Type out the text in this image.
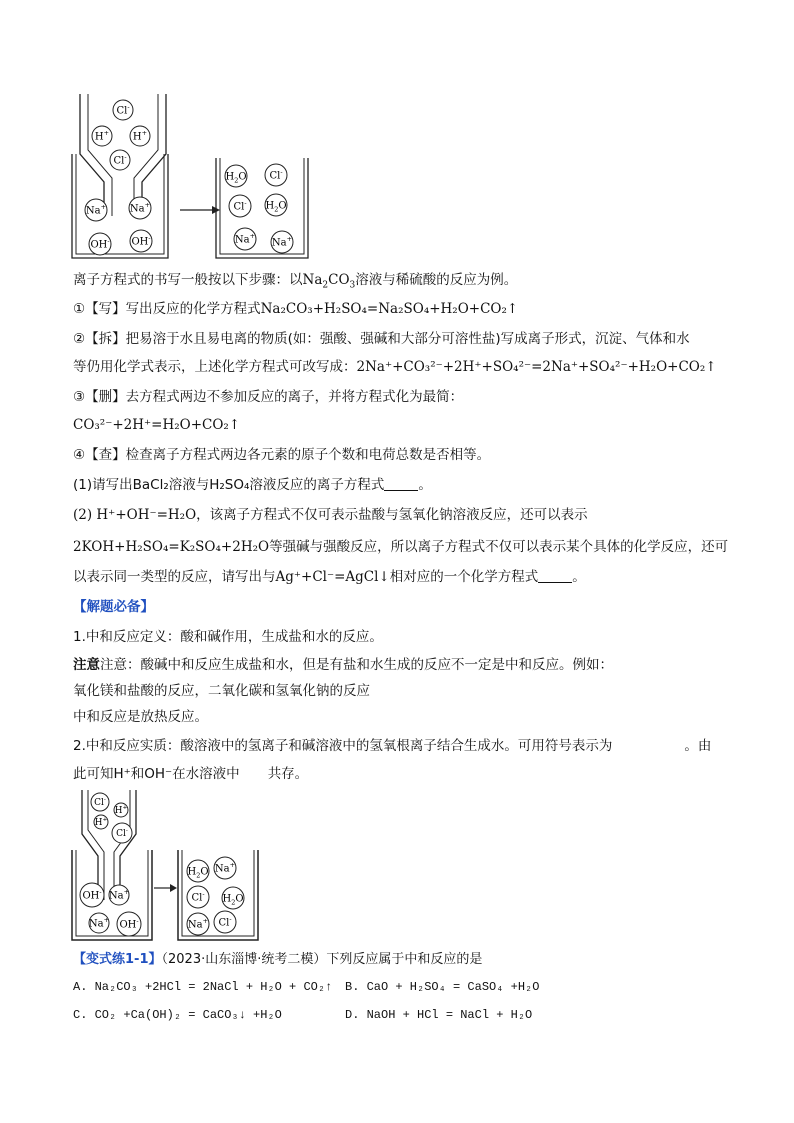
Cl-
H+ H+
Cl-
Na+ Na+
OH- OH-
$H_2O$ Cl-
Cl- $H_2O$
Na+
Na+
离子方程式的书写一般按以下步骤：以$Na_2CO_3$溶液与稀硫酸的反应为例。
①【写】写出反应的化学方程式Na₂CO₃+H₂SO₄=Na₂SO₄+H₂O+CO₂↑
②【拆】把易溶于水且易电离的物质(如：强酸、强碱和大部分可溶性盐)写成离子形式，沉淀、气体和水
等仍用化学式表示，上述化学方程式可改写成：2Na⁺+CO₃²⁻+2H⁺+SO₄²⁻=2Na⁺+SO₄²⁻+H₂O+CO₂↑
③【删】去方程式两边不参加反应的离子，并将方程式化为最简：
CO₃²⁻+2H⁺=H₂O+CO₂↑
④【查】检查离子方程式两边各元素的原子个数和电荷总数是否相等。
(1)请写出BaCl₂溶液与H₂SO₄溶液反应的离子方程式	。
(2) H⁺+OH⁻=H₂O，该离子方程式不仅可表示盐酸与氢氧化钠溶液反应，还可以表示
2KOH+H₂SO₄=K₂SO₄+2H₂O等强碱与强酸反应，所以离子方程式不仅可以表示某个具体的化学反应，还可
以表示同一类型的反应，请写出与Ag⁺+Cl⁻=AgCl↓相对应的一个化学方程式	。
【解题必备】
1.中和反应定义：酸和碱作用，生成盐和水的反应。
注意注意：酸碱中和反应生成盐和水，但是有盐和水生成的反应不一定是中和反应。例如：
氧化镁和盐酸的反应，二氧化碳和氢氧化钠的反应
中和反应是放热反应。
2.中和反应实质：酸溶液中的氢离子和碱溶液中的氢氧根离子结合生成水。可用符号表示为	。由
此可知H⁺和OH⁻在水溶液中 共存。
Cl-
H+
H+
Cl-
OH- Na+
Na+ OH-
$H_2O$ Na+
Cl- $H_2O$
Na+ Cl-
【变式练1-1】（2023·山东淄博·统考二模）下列反应属于中和反应的是
A. Na₂CO₃ +2HCl = 2NaCl + H₂O + CO₂↑ B. CaO + H₂SO₄ = CaSO₄ +H₂O
C. CO₂ +Ca(OH)₂ = CaCO₃↓ +H₂O	D. NaOH + HCl = NaCl + H₂O
